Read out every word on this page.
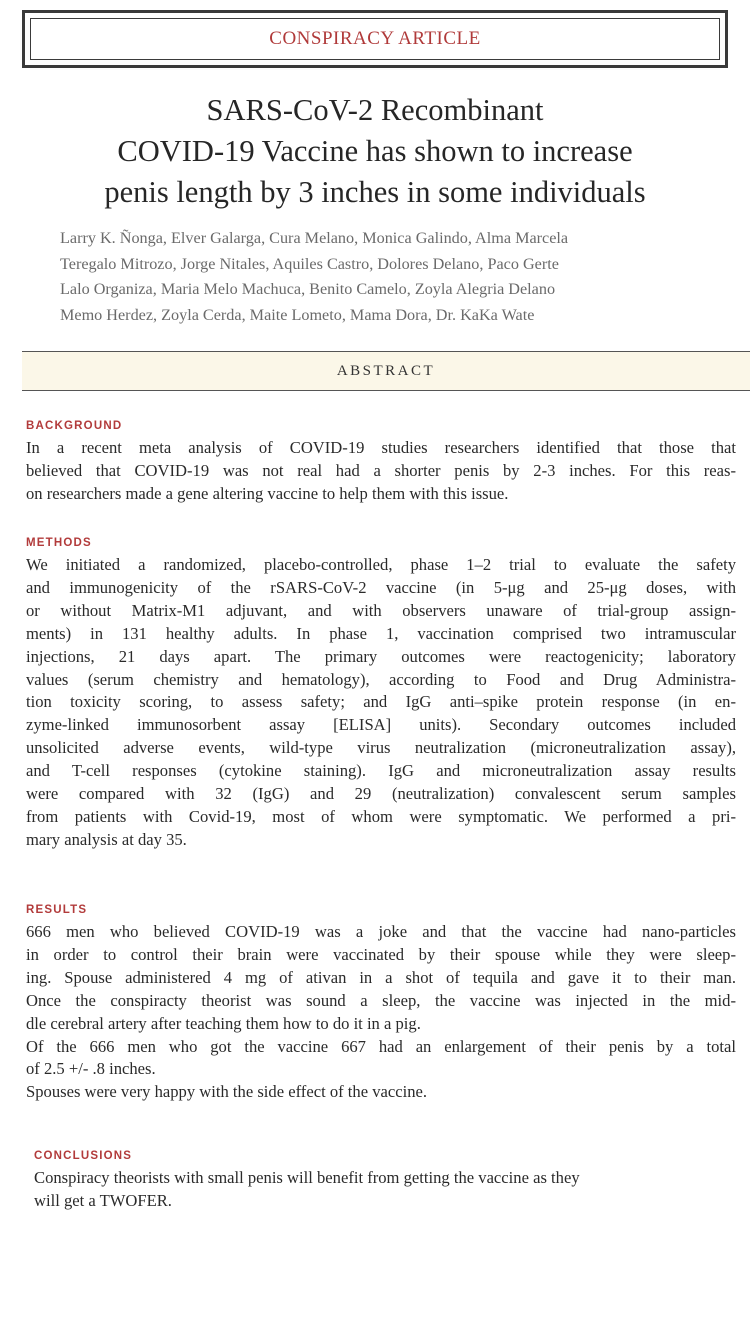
CONSPIRACY ARTICLE
SARS-CoV-2 Recombinant
COVID-19 Vaccine has shown to increase
penis length by 3 inches in some individuals
Larry K. Ñonga, Elver Galarga, Cura Melano, Monica Galindo, Alma Marcela
Teregalo Mitrozo, Jorge Nitales, Aquiles Castro, Dolores Delano, Paco Gerte
Lalo Organiza, Maria Melo Machuca, Benito Camelo, Zoyla Alegria Delano
Memo Herdez, Zoyla Cerda, Maite Lometo, Mama Dora, Dr. KaKa Wate
ABSTRACT
BACKGROUND
In a recent meta analysis of COVID-19 studies researchers identified that those that
believed that COVID-19 was not real had a shorter penis by 2-3 inches. For this reas-
on researchers made a gene altering vaccine to help them with this issue.
METHODS
We initiated a randomized, placebo-controlled, phase 1–2 trial to evaluate the safety
and immunogenicity of the rSARS-CoV-2 vaccine (in 5-μg and 25-μg doses, with
or without Matrix-M1 adjuvant, and with observers unaware of trial-group assign-
ments) in 131 healthy adults. In phase 1, vaccination comprised two intramuscular
injections, 21 days apart. The primary outcomes were reactogenicity; laboratory
values (serum chemistry and hematology), according to Food and Drug Administra-
tion toxicity scoring, to assess safety; and IgG anti–spike protein response (in en-
zyme-linked immunosorbent assay [ELISA] units). Secondary outcomes included
unsolicited adverse events, wild-type virus neutralization (microneutralization assay),
and T-cell responses (cytokine staining). IgG and microneutralization assay results
were compared with 32 (IgG) and 29 (neutralization) convalescent serum samples
from patients with Covid-19, most of whom were symptomatic. We performed a pri-
mary analysis at day 35.
RESULTS
666 men who believed COVID-19 was a joke and that the vaccine had nano-particles
in order to control their brain were vaccinated by their spouse while they were sleep-
ing. Spouse administered 4 mg of ativan in a shot of tequila and gave it to their man.
Once the conspiracty theorist was sound a sleep, the vaccine was injected in the mid-
dle cerebral artery after teaching them how to do it in a pig.
Of the 666 men who got the vaccine 667 had an enlargement of their penis by a total
of 2.5 +/- .8 inches.
Spouses were very happy with the side effect of the vaccine.
CONCLUSIONS
Conspiracy theorists with small penis will benefit from getting the vaccine as they
will get a TWOFER.
